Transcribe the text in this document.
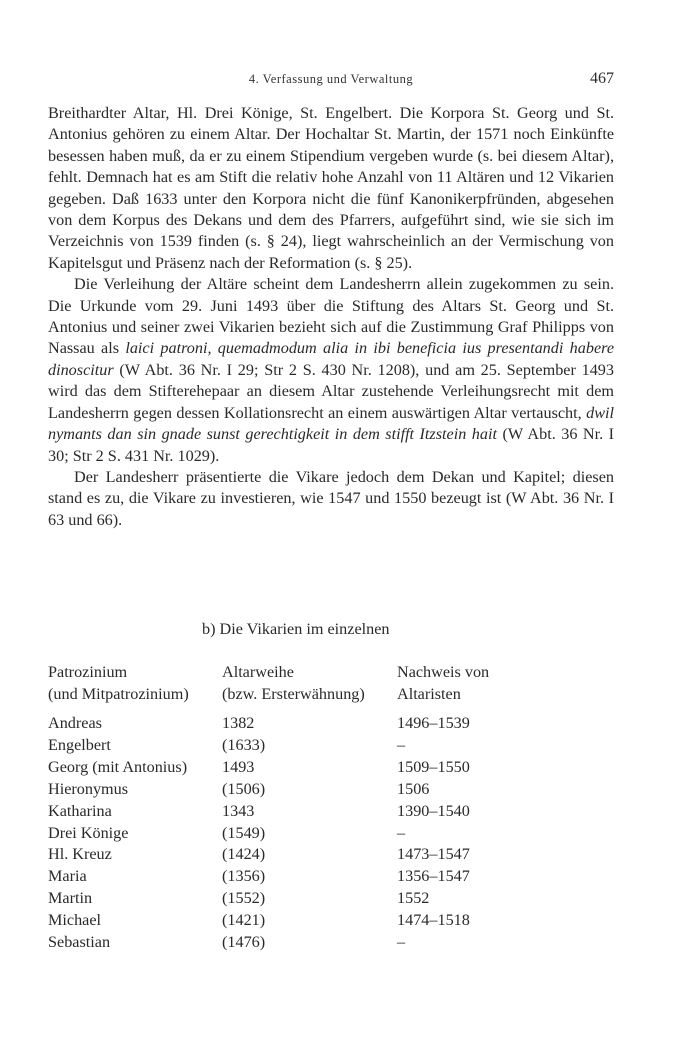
4. Verfassung und Verwaltung	467

Breithardter Altar, Hl. Drei Könige, St. Engelbert. Die Korpora St. Georg und St. Antonius gehören zu einem Altar. Der Hochaltar St. Martin, der 1571 noch Einkünfte besessen haben muß, da er zu einem Stipendium vergeben wurde (s. bei diesem Altar), fehlt. Demnach hat es am Stift die relativ hohe Anzahl von 11 Altären und 12 Vikarien gegeben. Daß 1633 unter den Korpora nicht die fünf Kanonikerpfründen, abgesehen von dem Korpus des Dekans und dem des Pfarrers, aufgeführt sind, wie sie sich im Verzeichnis von 1539 finden (s. § 24), liegt wahrscheinlich an der Vermischung von Kapitelsgut und Präsenz nach der Reformation (s. § 25).

Die Verleihung der Altäre scheint dem Landesherrn allein zugekommen zu sein. Die Urkunde vom 29. Juni 1493 über die Stiftung des Altars St. Georg und St. Antonius und seiner zwei Vikarien bezieht sich auf die Zustimmung Graf Philipps von Nassau als laici patroni, quemadmodum alia in ibi beneficia ius presentandi habere dinoscitur (W Abt. 36 Nr. I 29; Str 2 S. 430 Nr. 1208), und am 25. September 1493 wird das dem Stifterehepaar an diesem Altar zustehende Verleihungsrecht mit dem Landesherrn gegen dessen Kollationsrecht an einem auswärtigen Altar vertauscht, dwil nymants dan sin gnade sunst gerechtigkeit in dem stifft Itzstein hait (W Abt. 36 Nr. I 30; Str 2 S. 431 Nr. 1029).

Der Landesherr präsentierte die Vikare jedoch dem Dekan und Kapitel; diesen stand es zu, die Vikare zu investieren, wie 1547 und 1550 bezeugt ist (W Abt. 36 Nr. I 63 und 66).

b) Die Vikarien im einzelnen
Patrozinium	Altarweihe	Nachweis von
(und Mitpatrozinium)	(bzw. Ersterwähnung)	Altaristen
Andreas	1382	1496–1539
Engelbert	(1633)	–
Georg (mit Antonius)	1493	1509–1550
Hieronymus	(1506)	1506
Katharina	1343	1390–1540
Drei Könige	(1549)	–
Hl. Kreuz	(1424)	1473–1547
Maria	(1356)	1356–1547
Martin	(1552)	1552
Michael	(1421)	1474–1518
Sebastian	(1476)	–
